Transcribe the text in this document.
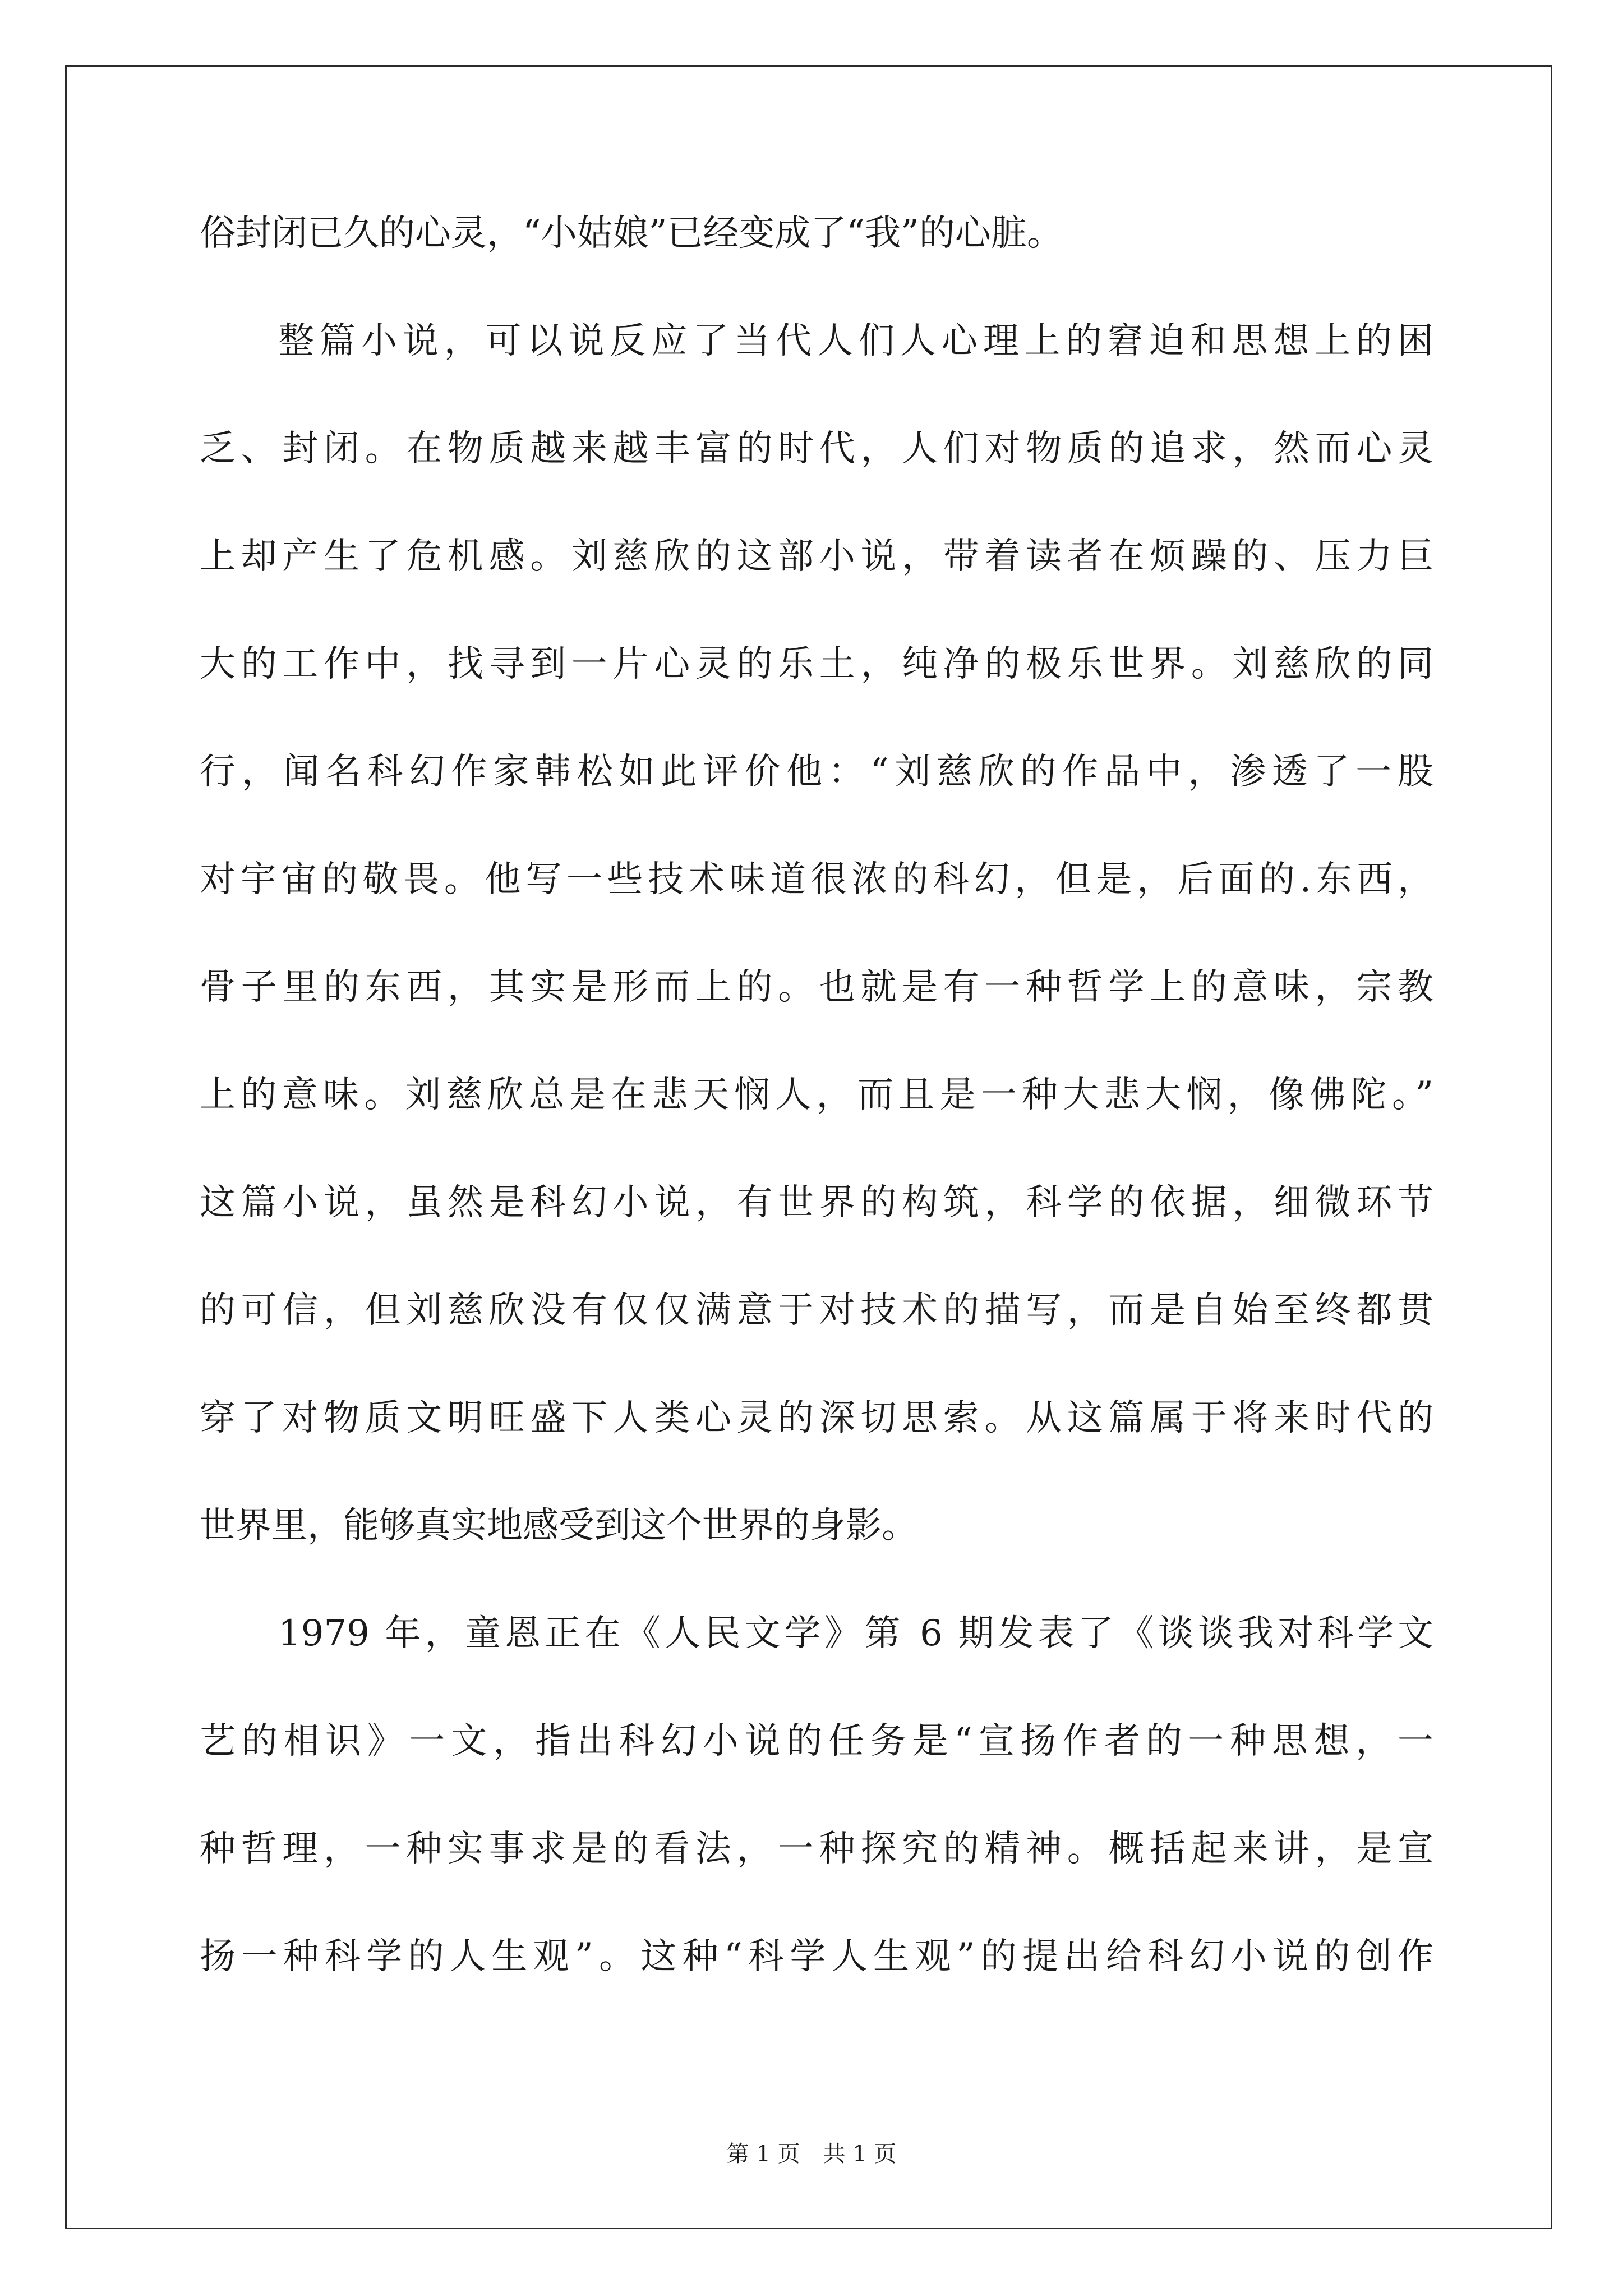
俗封闭已久的心灵，“小姑娘”已经变成了“我”的心脏。
整篇小说，可以说反应了当代人们人心理上的窘迫和思想上的困
乏、封闭。在物质越来越丰富的时代，人们对物质的追求，然而心灵
上却产生了危机感。刘慈欣的这部小说，带着读者在烦躁的、压力巨
大的工作中，找寻到一片心灵的乐土，纯净的极乐世界。刘慈欣的同
行，闻名科幻作家韩松如此评价他：“刘慈欣的作品中，渗透了一股
对宇宙的敬畏。他写一些技术味道很浓的科幻，但是，后面的.东西，
骨子里的东西，其实是形而上的。也就是有一种哲学上的意味，宗教
上的意味。刘慈欣总是在悲天悯人，而且是一种大悲大悯，像佛陀。”
这篇小说，虽然是科幻小说，有世界的构筑，科学的依据，细微环节
的可信，但刘慈欣没有仅仅满意于对技术的描写，而是自始至终都贯
穿了对物质文明旺盛下人类心灵的深切思索。从这篇属于将来时代的
世界里，能够真实地感受到这个世界的身影。
1979 年，童恩正在《人民文学》第 6 期发表了《谈谈我对科学文
艺的相识》一文，指出科幻小说的任务是“宣扬作者的一种思想，一
种哲理，一种实事求是的看法，一种探究的精神。概括起来讲，是宣
扬一种科学的人生观”。这种“科学人生观”的提出给科幻小说的创作
第 1 页 共 1 页
